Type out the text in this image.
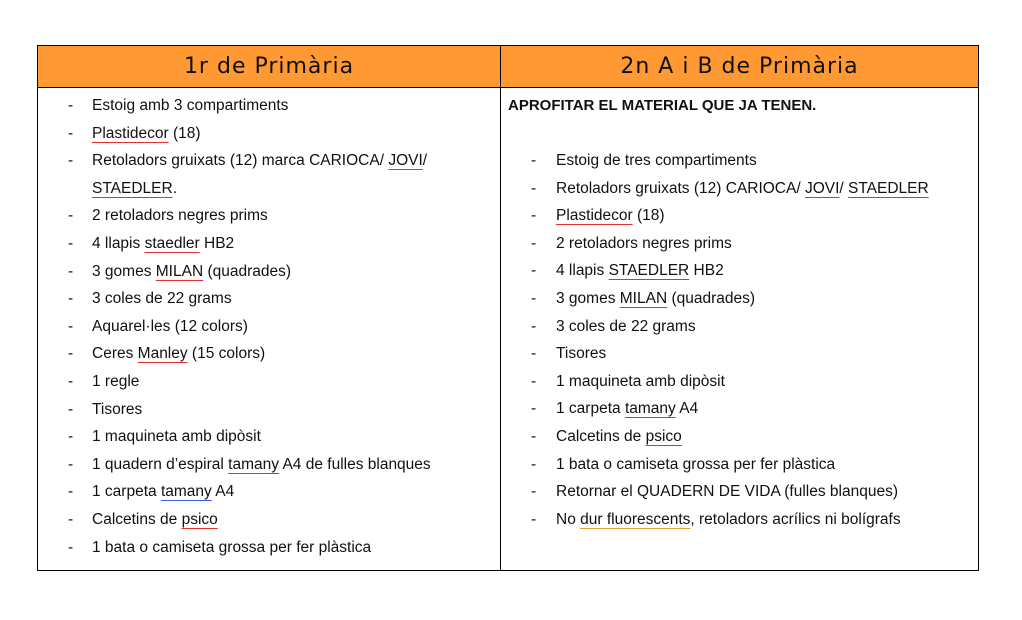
1r de Primària	2n A i B de Primària
- Estoig amb 3 compartiments
- Plastidecor (18)
- Retoladors gruixats (12) marca CARIOCA/ JOVI/ STAEDLER.
- 2 retoladors negres prims
- 4 llapis staedler HB2
- 3 gomes MILAN (quadrades)
- 3 coles de 22 grams
- Aquarel·les (12 colors)
- Ceres Manley (15 colors)
- 1 regle
- Tisores
- 1 maquineta amb dipòsit
- 1 quadern d’espiral tamany A4 de fulles blanques
- 1 carpeta tamany A4
- Calcetins de psico
- 1 bata o camiseta grossa per fer plàstica
APROFITAR EL MATERIAL QUE JA TENEN.
- Estoig de tres compartiments
- Retoladors gruixats (12) CARIOCA/ JOVI/ STAEDLER
- Plastidecor (18)
- 2 retoladors negres prims
- 4 llapis STAEDLER HB2
- 3 gomes MILAN (quadrades)
- 3 coles de 22 grams
- Tisores
- 1 maquineta amb dipòsit
- 1 carpeta tamany A4
- Calcetins de psico
- 1 bata o camiseta grossa per fer plàstica
- Retornar el QUADERN DE VIDA (fulles blanques)
- No dur fluorescents, retoladors acrílics ni bolígrafs
